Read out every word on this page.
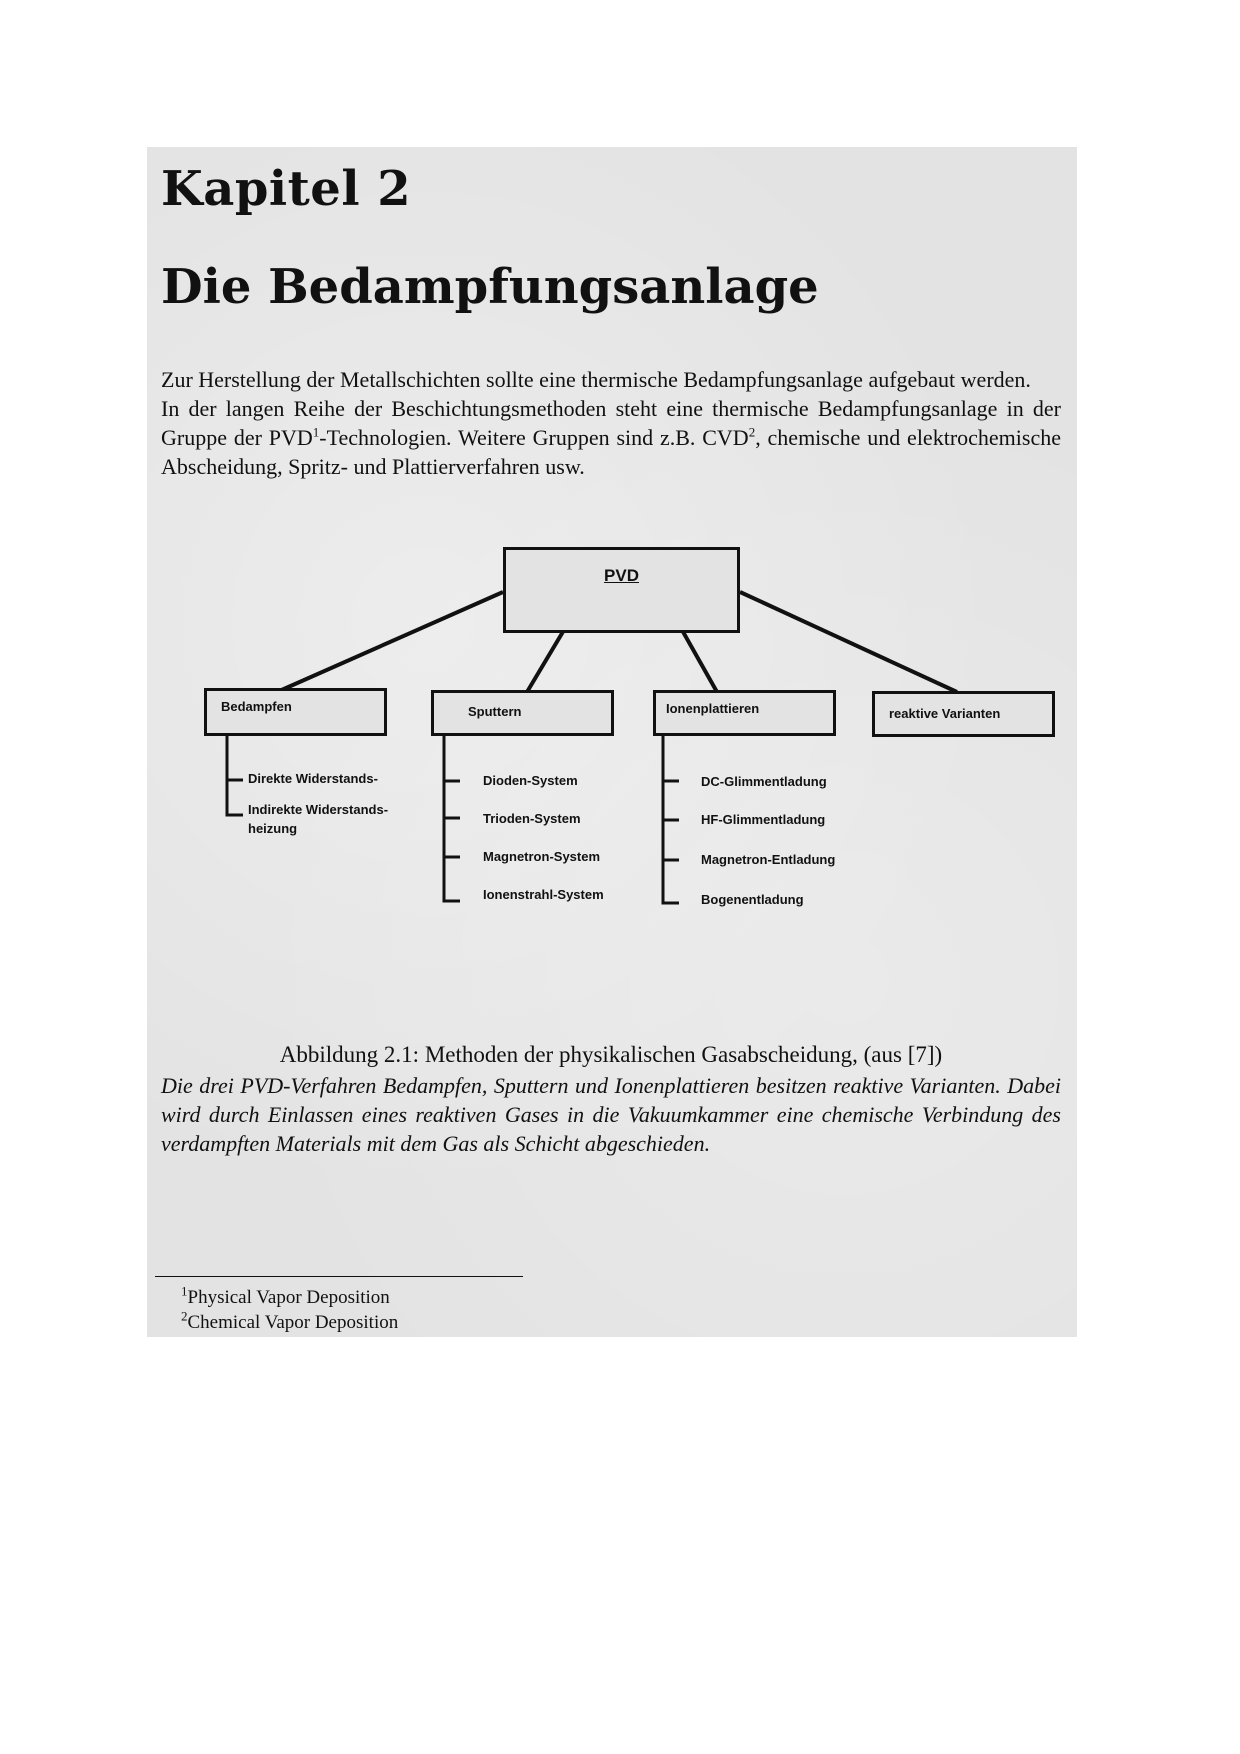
Kapitel 2
Die Bedampfungsanlage

Zur Herstellung der Metallschichten sollte eine thermische Bedampfungsanlage aufgebaut werden.

In der langen Reihe der Beschichtungsmethoden steht eine thermische Bedampfungsanlage in der Gruppe der PVD$^1$-Technologien. Weitere Gruppen sind z.B. CVD$^2$, chemische und elektrochemische Abscheidung, Spritz- und Plattierverfahren usw.

PVD
Bedampfen	Sputtern	Ionenplattieren	reaktive Varianten
Direkte Widerstands-
Indirekte Widerstands-
heizung
Dioden-System
Trioden-System
Magnetron-System
Ionenstrahl-System
DC-Glimmentladung
HF-Glimmentladung
Magnetron-Entladung
Bogenentladung
Abbildung 2.1: Methoden der physikalischen Gasabscheidung, (aus [7])
Die drei PVD-Verfahren Bedampfen, Sputtern und Ionenplattieren besitzen reaktive Varianten. Dabei wird durch Einlassen eines reaktiven Gases in die Vakuumkammer eine chemische Verbindung des verdampften Materials mit dem Gas als Schicht abgeschieden.
$^1$Physical Vapor Deposition
$^2$Chemical Vapor Deposition
